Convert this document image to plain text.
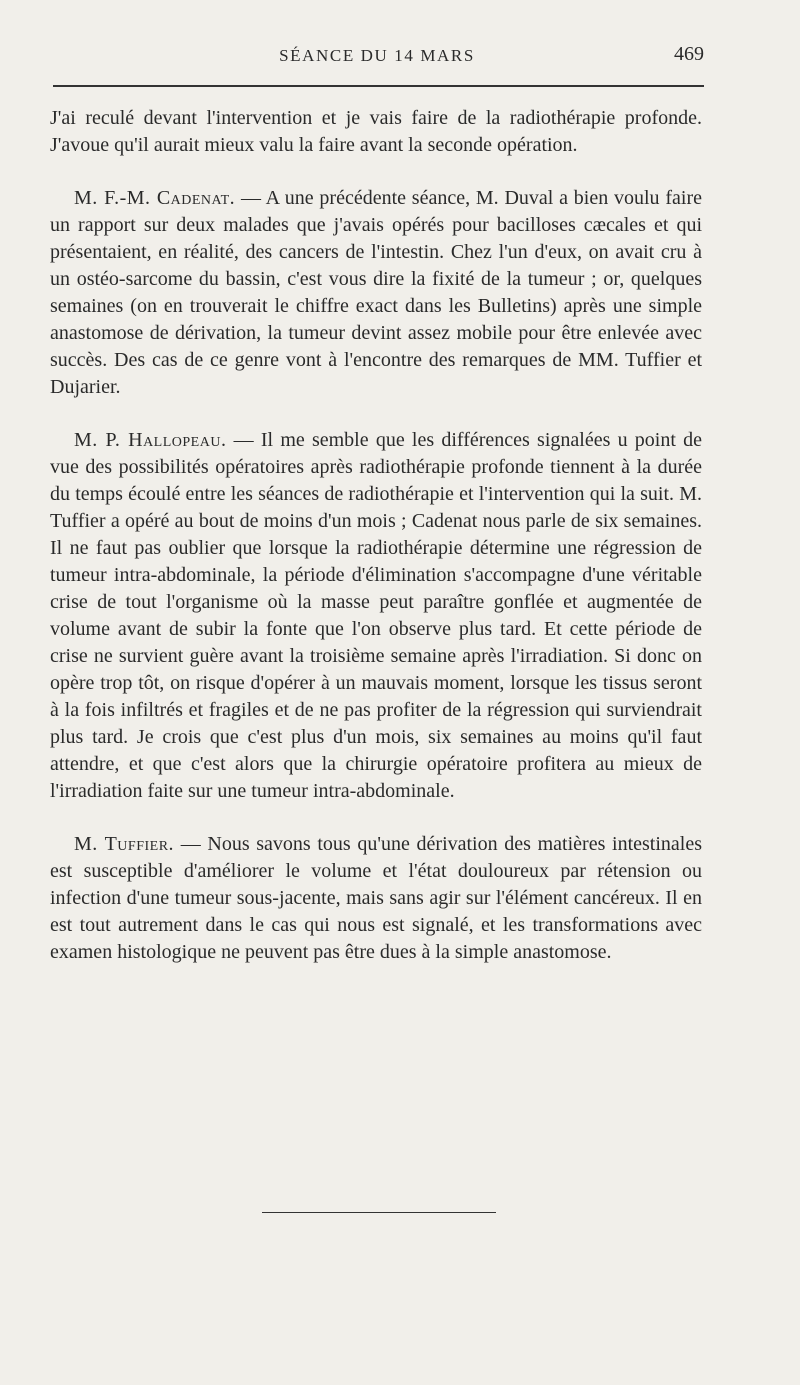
SÉANCE DU 14 MARS	469

J'ai reculé devant l'intervention et je vais faire de la radiothérapie profonde. J'avoue qu'il aurait mieux valu la faire avant la seconde opération.

M. F.-M. Cadenat. — A une précédente séance, M. Duval a bien voulu faire un rapport sur deux malades que j'avais opérés pour bacilloses cæcales et qui présentaient, en réalité, des cancers de l'intestin. Chez l'un d'eux, on avait cru à un ostéo-sarcome du bassin, c'est vous dire la fixité de la tumeur ; or, quelques semaines (on en trouverait le chiffre exact dans les Bulletins) après une simple anastomose de dérivation, la tumeur devint assez mobile pour être enlevée avec succès. Des cas de ce genre vont à l'encontre des remarques de MM. Tuffier et Dujarier.

M. P. Hallopeau. — Il me semble que les différences signalées u point de vue des possibilités opératoires après radiothérapie profonde tiennent à la durée du temps écoulé entre les séances de radiothérapie et l'intervention qui la suit. M. Tuffier a opéré au bout de moins d'un mois ; Cadenat nous parle de six semaines. Il ne faut pas oublier que lorsque la radiothérapie détermine une régression de tumeur intra-abdominale, la période d'élimination s'accompagne d'une véritable crise de tout l'organisme où la masse peut paraître gonflée et augmentée de volume avant de subir la fonte que l'on observe plus tard. Et cette période de crise ne survient guère avant la troisième semaine après l'irradiation. Si donc on opère trop tôt, on risque d'opérer à un mauvais moment, lorsque les tissus seront à la fois infiltrés et fragiles et de ne pas profiter de la régression qui surviendrait plus tard. Je crois que c'est plus d'un mois, six semaines au moins qu'il faut attendre, et que c'est alors que la chirurgie opératoire profitera au mieux de l'irradiation faite sur une tumeur intra-abdominale.

M. Tuffier. — Nous savons tous qu'une dérivation des matières intestinales est susceptible d'améliorer le volume et l'état douloureux par rétension ou infection d'une tumeur sous-jacente, mais sans agir sur l'élément cancéreux. Il en est tout autrement dans le cas qui nous est signalé, et les transformations avec examen histologique ne peuvent pas être dues à la simple anastomose.
